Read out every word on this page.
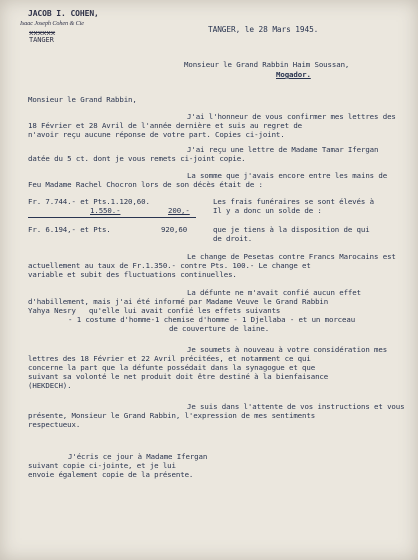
JACOB I. COHEN,
Isaac Joseph Cohen & Cie
xxxxxx
TANGER
TANGER, le 28 Mars 1945.
Monsieur le Grand Rabbin Haim Soussan,
Mogador.
Monsieur le Grand Rabbin,
J'ai l'honneur de vous confirmer mes lettres des
18 Février et 28 Avril de l'année dernière et suis au regret de
n'avoir reçu aucune réponse de votre part. Copies ci-joint.
J'ai reçu une lettre de Madame Tamar Ifergan
datée du 5 ct. dont je vous remets ci-joint copie.
La somme que j'avais encore entre les mains de
Feu Madame Rachel Chocron lors de son décès était de :
Fr. 7.744.- et Pts.1.120,60.	Les frais funéraires se sont élevés à
1.550.-	200,-	Il y a donc un solde de :
Fr. 6.194,- et Pts.	920,60	que je tiens à la disposition de qui
de droit.
Le change de Pesetas contre Francs Marocains est
actuellement au taux de Fr.1.350.- contre Pts. 100.- Le change et
variable et subit des fluctuations continuelles.
La défunte ne m'avait confié aucun effet
d'habillement, mais j'ai été informé par Madame Veuve le Grand Rabbin
Yahya Nesry   qu'elle lui avait confié les effets suivants
- 1 costume d'homme-1 chemise d'homme - 1 Djellaba - et un morceau
de couverture de laine.
Je soumets à nouveau à votre considération mes
lettres des 18 Février et 22 Avril précitées, et notamment ce qui
concerne la part que la défunte possédait dans la synagogue et que
suivant sa volonté le net produit doit être destiné à la bienfaisance
(HEKDECH).
Je suis dans l'attente de vos instructions et vous
présente, Monsieur le Grand Rabbin, l'expression de mes sentiments
respectueux.
J'écris ce jour à Madame Ifergan
suivant copie ci-jointe, et je lui
envoie également copie de la présente.
